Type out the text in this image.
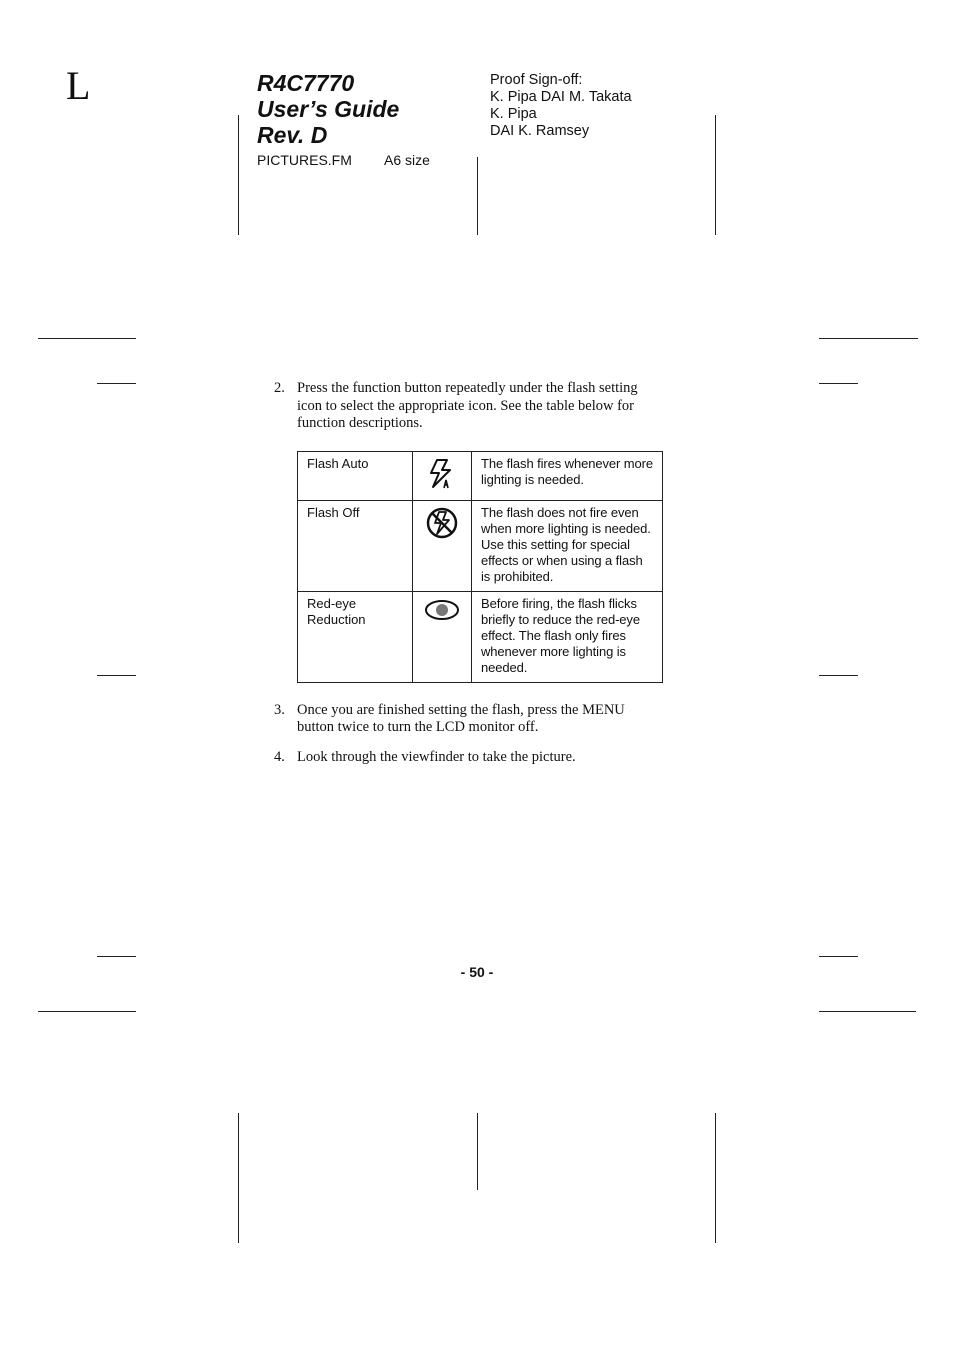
L	R4C7770
User’s Guide
Rev. D
PICTURES.FM A6 size
Proof Sign-off:
K. Pipa DAI M. Takata
K. Pipa
DAI K. Ramsey
2. Press the function button repeatedly under the flash setting icon to select the appropriate icon. See the table below for function descriptions.
3. Once you are finished setting the flash, press the MENU button twice to turn the LCD monitor off.
4. Look through the viewfinder to take the picture.
Flash Auto		The flash fires whenever more lighting is needed.
Flash Off		The flash does not fire even when more lighting is needed. Use this setting for special effects or when using a flash is prohibited.
Red-eye Reduction		Before firing, the flash flicks briefly to reduce the red-eye effect. The flash only fires whenever more lighting is needed.
- 50 -
